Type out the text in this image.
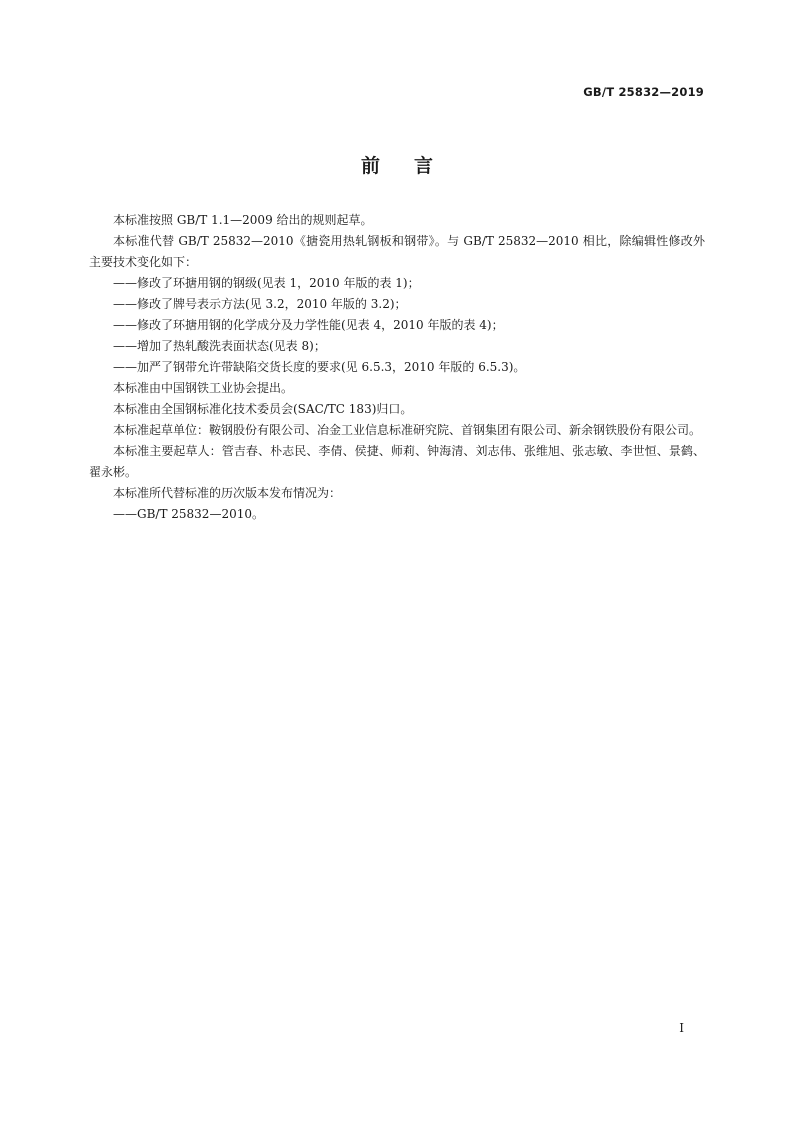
GB/T 25832—2019
前言

本标准按照 GB/T 1.1—2009 给出的规则起草。

本标准代替 GB/T 25832—2010《搪瓷用热轧钢板和钢带》。与 GB/T 25832—2010 相比，除编辑性修改外主要技术变化如下：

——修改了环搪用钢的钢级(见表 1，2010 年版的表 1)；

——修改了牌号表示方法(见 3.2，2010 年版的 3.2)；

——修改了环搪用钢的化学成分及力学性能(见表 4，2010 年版的表 4)；

——增加了热轧酸洗表面状态(见表 8)；

——加严了钢带允许带缺陷交货长度的要求(见 6.5.3，2010 年版的 6.5.3)。

本标准由中国钢铁工业协会提出。

本标准由全国钢标准化技术委员会(SAC/TC 183)归口。

本标准起草单位：鞍钢股份有限公司、冶金工业信息标准研究院、首钢集团有限公司、新余钢铁股份有限公司。

本标准主要起草人：管吉春、朴志民、李倩、侯捷、师莉、钟海清、刘志伟、张维旭、张志敏、李世恒、景鹤、翟永彬。

本标准所代替标准的历次版本发布情况为：

——GB/T 25832—2010。

I
